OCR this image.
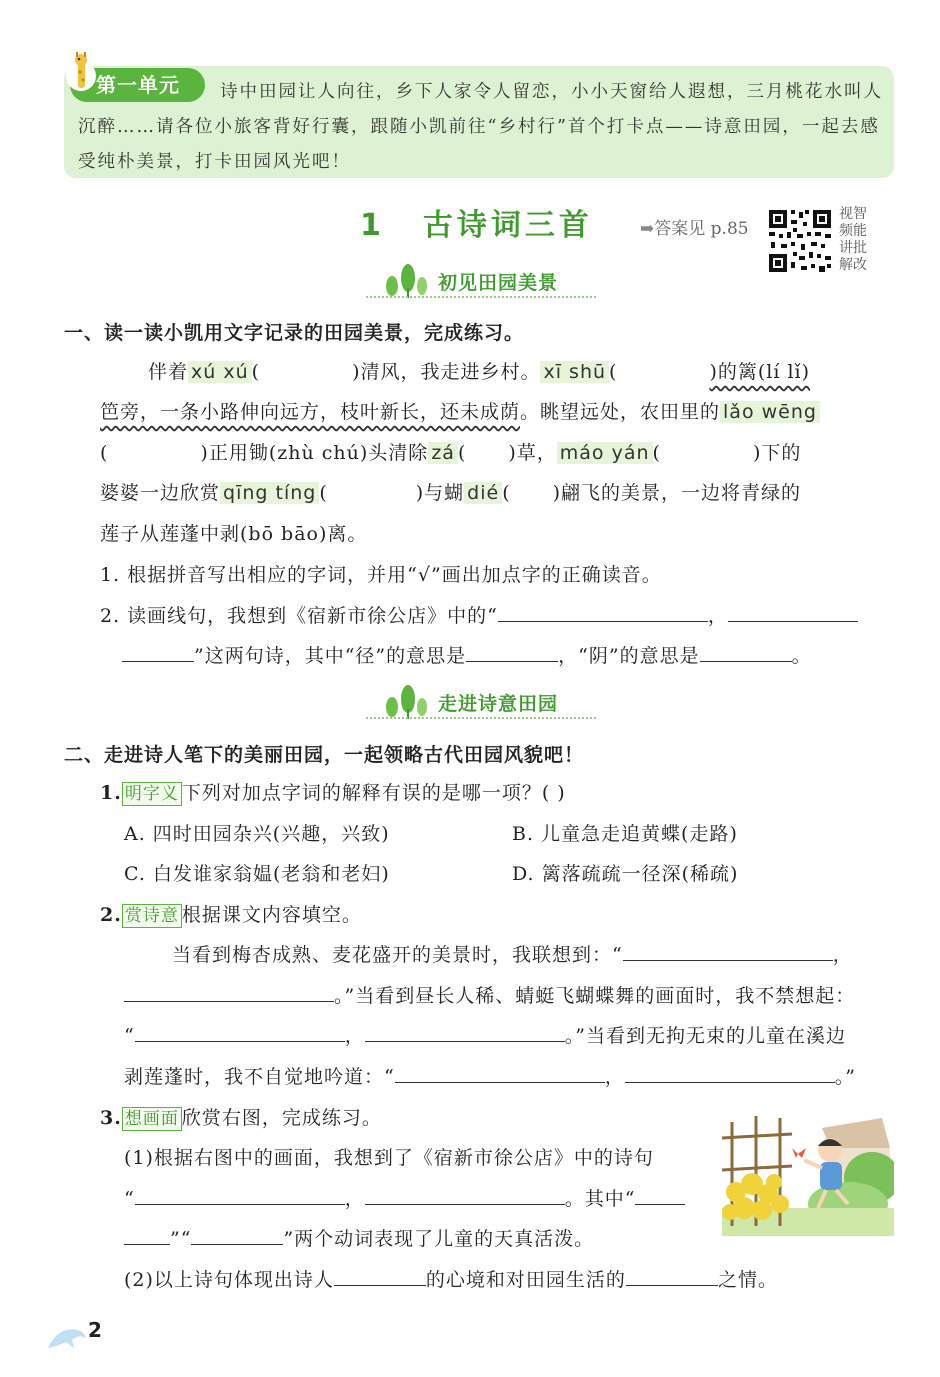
第一单元	诗中田园让人向往，乡下人家令人留恋，小小天窗给人遐想，三月桃花水叫人沉醉……请各位小旅客背好行囊，跟随小凯前往“乡村行”首个打卡点——诗意田园，一起去感受纯朴美景，打卡田园风光吧！
1 古诗词三首	➡答案见 p.85
视智频能讲批解改
初见田园美景
一、读一读小凯用文字记录的田园美景，完成练习。
伴着 xú xú (	)清风，我走进乡村。 xī shū (	)的篱(lí lǐ)
笆旁，一条小路伸向远方，枝叶新长，还未成荫。眺望远处，农田里的 lǎo wēng
(	)正用锄(zhù chú)头清除 zá ( )草， máo yán (	)下的
婆婆一边欣赏 qīng tíng (	)与蝴 dié ( )翩飞的美景，一边将青绿的
莲子从莲蓬中剥(bō bāo)离。
1. 根据拼音写出相应的字词，并用“√”画出加点字的正确读音。
2. 读画线句，我想到《宿新市徐公店》中的“	，
”这两句诗，其中“径”的意思是	，“阴”的意思是	。
走进诗意田园
二、走进诗人笔下的美丽田园，一起领略古代田园风貌吧！
1. 明字义 下列对加点字词的解释有误的是哪一项？( )
A. 四时田园杂兴(兴趣，兴致)	B. 儿童急走追黄蝶(走路)
C. 白发谁家翁媪(老翁和老妇)	D. 篱落疏疏一径深(稀疏)
2. 赏诗意 根据课文内容填空。
当看到梅杏成熟、麦花盛开的美景时，我联想到：“	，
。”当看到昼长人稀、蜻蜓飞蝴蝶舞的画面时，我不禁想起：
“	，	。”当看到无拘无束的儿童在溪边
剥莲蓬时，我不自觉地吟道：“	，	。”
3. 想画面 欣赏右图，完成练习。
(1)根据右图中的画面，我想到了《宿新市徐公店》中的诗句
“	，	。其中“
”“	”两个动词表现了儿童的天真活泼。
(2)以上诗句体现出诗人	的心境和对田园生活的	之情。
2
